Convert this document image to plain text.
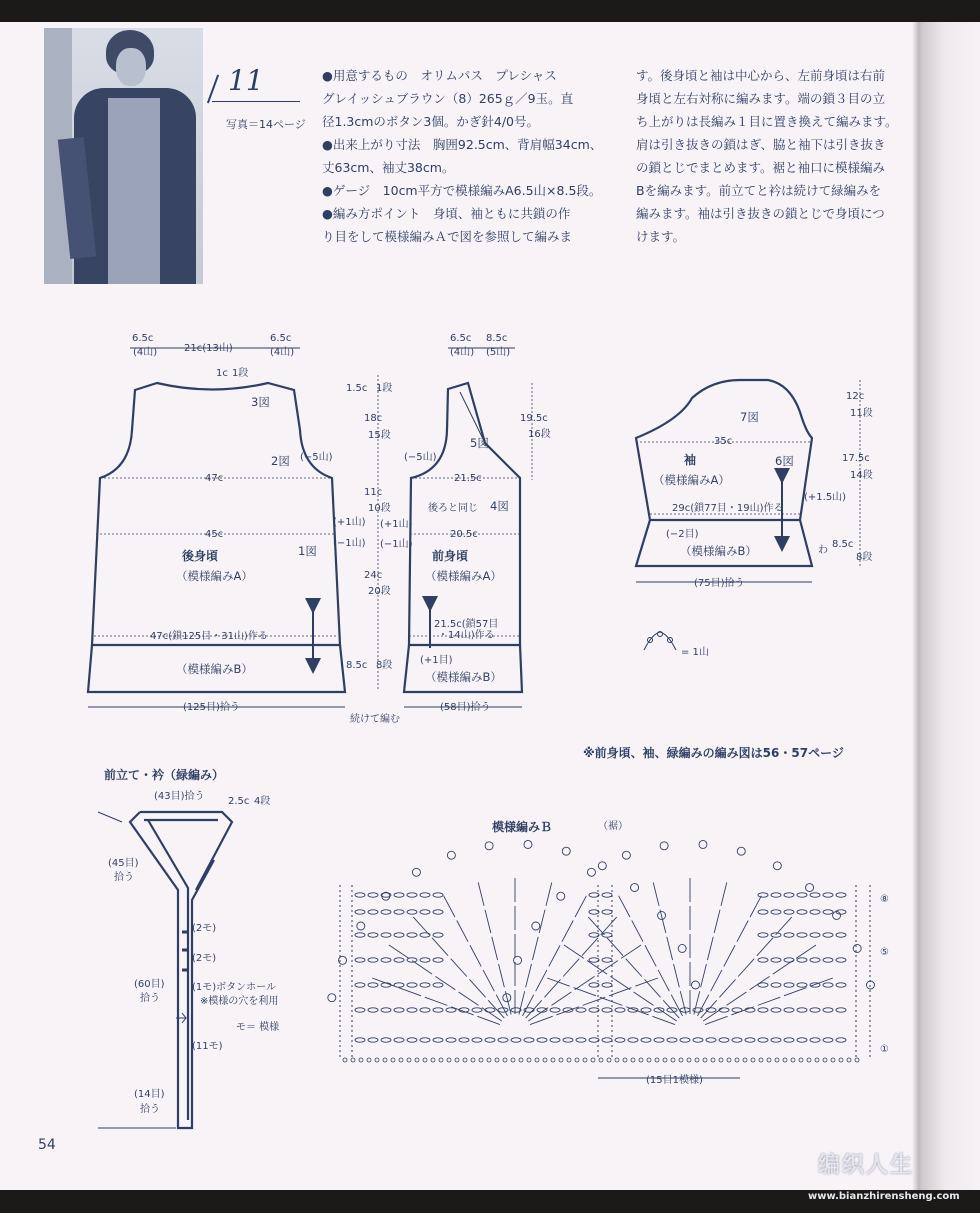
11
写真＝14ページ
●用意するもの　オリムパス　プレシャス
グレイッシュブラウン（8）265ｇ／9玉。直
径1.3cmのボタン3個。かぎ針4/0号。
●出来上がり寸法　胸囲92.5cm、背肩幅34cm、
丈63cm、袖丈38cm。
●ゲージ　10cm平方で模様編みA6.5山×8.5段。
●編み方ポイント　身頃、袖ともに共鎖の作
り目をして模様編みＡで図を参照して編みま
す。後身頃と袖は中心から、左前身頃は右前
身頃と左右対称に編みます。端の鎖３目の立
ち上がりは長編み１目に置き換えて編みます。
肩は引き抜きの鎖はぎ、脇と袖下は引き抜き
の鎖とじでまとめます。裾と袖口に模様編み
Bを編みます。前立てと衿は続けて緑編みを
編みます。袖は引き抜きの鎖とじで身頃につ
けます。
6.5c
(4山)	21c(13山)
6.5c
(4山)
1c 1段
3図
2図 (−5山)
47c
45c
1図
後身頃
（模様編みA）
47c(鎖125目・31山)作る
（模様編みB）
(125目)拾う
(+1山)
(−1山)
1.5c 1段
18c
15段
11c
10段
24c
20段
8.5c 8段
19.5c
16段
6.5c
(4山)
8.5c
(5山)
5図
(−5山)
21.5c
後ろと同じ 4図
20.5c
(+1山)
(−1山)
前身頃
（模様編みA）
21.5c(鎖57目
・14山)作る
(+1目)
（模様編みB）
(58目)拾う
続けて編む
7図
35c
袖	6図
（模様編みA）
29c(鎖77目・19山)作る
(−2目)
（模様編みB）
(75目)拾う
12c
11段
17.5c
14段
(+1.5山)
わ
8.5c
8段
= 1山
前立て・衿（緑編み）
(43目)拾う 2.5c 4段
(45目)
拾う
(2モ)
(2モ)
(1モ)ボタンホール
※模様の穴を利用
(60目)
拾う
モ＝ 模様
(11モ)
(14目)
拾う
模様編みＢ	（裾）
(15目1模様)
⑧
⑤
①
※前身頃、袖、緑編みの編み図は56・57ページ
54
编织人生
www.bianzhirensheng.com
